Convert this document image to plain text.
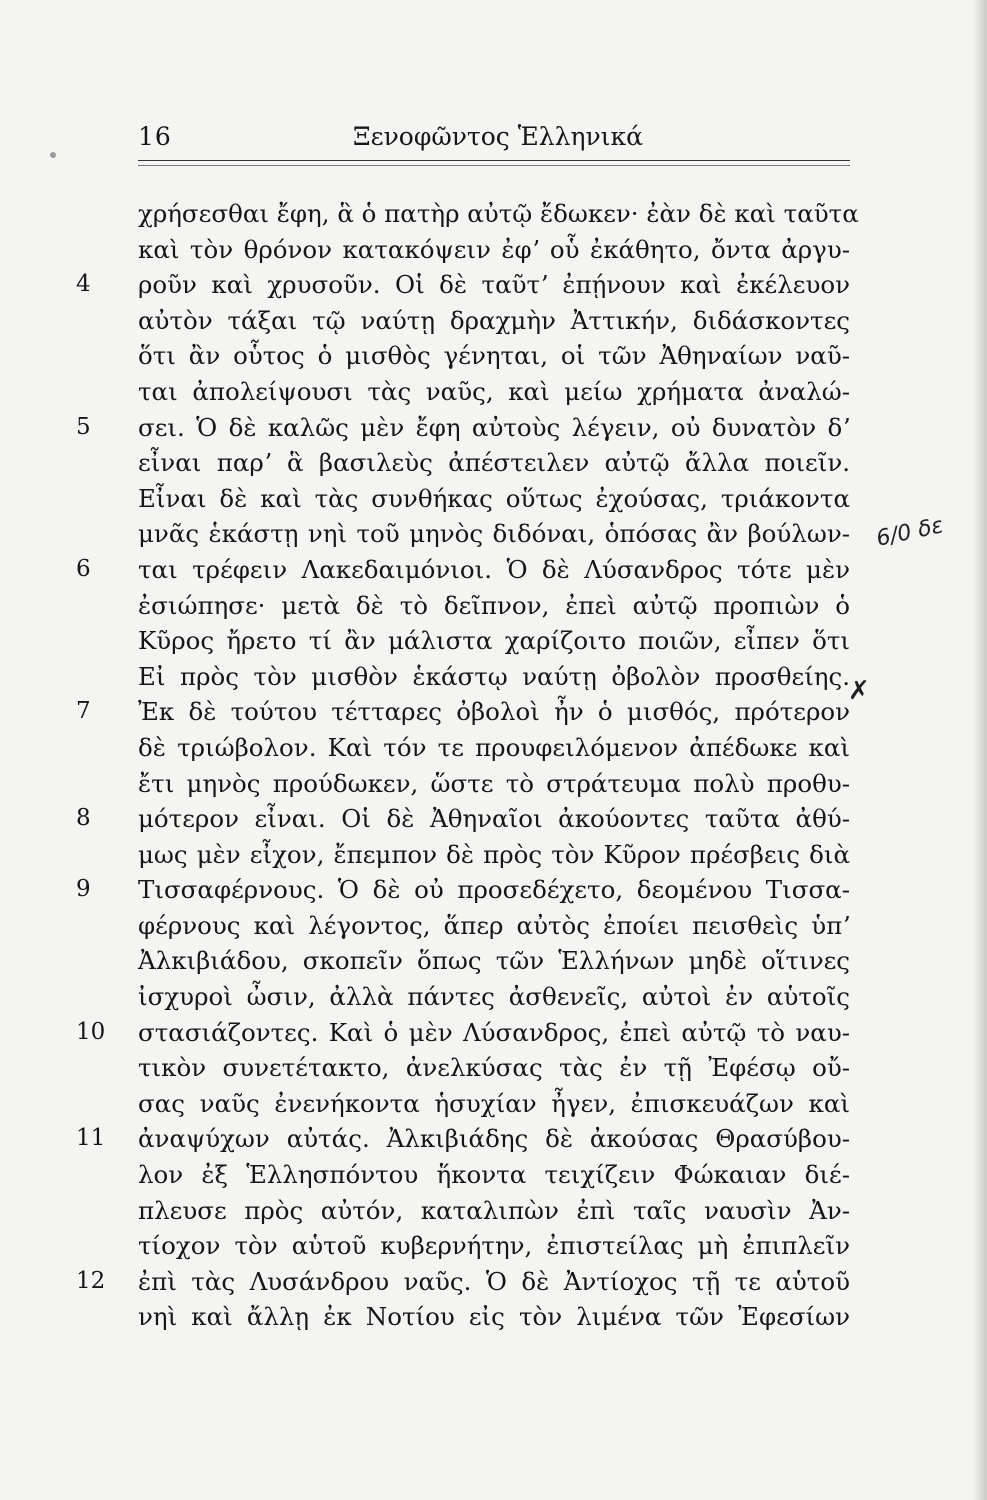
16	Ξενοφῶντος Ἑλληνικά
χρήσεσθαι ἔφη, ἃ ὁ πατὴρ αὐτῷ ἔδωκεν· ἐὰν δὲ καὶ ταῦτα
καὶ τὸν θρόνον κατακόψειν ἐφʼ οὗ ἐκάθητο, ὄντα ἀργυ-
4	ροῦν καὶ χρυσοῦν. Οἱ δὲ ταῦτʼ ἐπῄνουν καὶ ἐκέλευον
αὐτὸν τάξαι τῷ ναύτῃ δραχμὴν Ἀττικήν, διδάσκοντες
ὅτι ἂν οὗτος ὁ μισθὸς γένηται, οἱ τῶν Ἀθηναίων ναῦ-
ται ἀπολείψουσι τὰς ναῦς, καὶ μείω χρήματα ἀναλώ-
5	σει. Ὁ δὲ καλῶς μὲν ἔφη αὐτοὺς λέγειν, οὐ δυνατὸν δʼ
εἶναι παρʼ ἃ βασιλεὺς ἀπέστειλεν αὐτῷ ἄλλα ποιεῖν.
Εἶναι δὲ καὶ τὰς συνθήκας οὕτως ἐχούσας, τριάκοντα
μνᾶς ἑκάστῃ νηὶ τοῦ μηνὸς διδόναι, ὁπόσας ἂν βούλων-
6	ται τρέφειν Λακεδαιμόνιοι. Ὁ δὲ Λύσανδρος τότε μὲν
ἐσιώπησε· μετὰ δὲ τὸ δεῖπνον, ἐπεὶ αὐτῷ προπιὼν ὁ
Κῦρος ἤρετο τί ἂν μάλιστα χαρίζοιτο ποιῶν, εἶπεν ὅτι
Εἰ πρὸς τὸν μισθὸν ἑκάστῳ ναύτῃ ὀβολὸν προσθείης.
7	Ἐκ δὲ τούτου τέτταρες ὀβολοὶ ἦν ὁ μισθός, πρότερον
δὲ τριώβολον. Καὶ τόν τε προυφειλόμενον ἀπέδωκε καὶ
ἔτι μηνὸς προύδωκεν, ὥστε τὸ στράτευμα πολὺ προθυ-
8	μότερον εἶναι. Οἱ δὲ Ἀθηναῖοι ἀκούοντες ταῦτα ἀθύ-
μως μὲν εἶχον, ἔπεμπον δὲ πρὸς τὸν Κῦρον πρέσβεις διὰ
9	Τισσαφέρνους. Ὁ δὲ οὐ προσεδέχετο, δεομένου Τισσα-
φέρνους καὶ λέγοντος, ἅπερ αὐτὸς ἐποίει πεισθεὶς ὑπʼ
Ἀλκιβιάδου, σκοπεῖν ὅπως τῶν Ἑλλήνων μηδὲ οἵτινες
ἰσχυροὶ ὦσιν, ἀλλὰ πάντες ἀσθενεῖς, αὐτοὶ ἐν αὑτοῖς
10	στασιάζοντες. Καὶ ὁ μὲν Λύσανδρος, ἐπεὶ αὐτῷ τὸ ναυ-
τικὸν συνετέτακτο, ἀνελκύσας τὰς ἐν τῇ Ἐφέσῳ οὔ-
σας ναῦς ἐνενήκοντα ἡσυχίαν ἦγεν, ἐπισκευάζων καὶ
11	ἀναψύχων αὐτάς. Ἀλκιβιάδης δὲ ἀκούσας Θρασύβου-
λον ἐξ Ἑλλησπόντου ἥκοντα τειχίζειν Φώκαιαν διέ-
πλευσε πρὸς αὐτόν, καταλιπὼν ἐπὶ ταῖς ναυσὶν Ἀν-
τίοχον τὸν αὑτοῦ κυβερνήτην, ἐπιστείλας μὴ ἐπιπλεῖν
12	ἐπὶ τὰς Λυσάνδρου ναῦς. Ὁ δὲ Ἀντίοχος τῇ τε αὑτοῦ
νηὶ καὶ ἄλλῃ ἐκ Νοτίου εἰς τὸν λιμένα τῶν Ἐφεσίων
6/0 δε
✗
